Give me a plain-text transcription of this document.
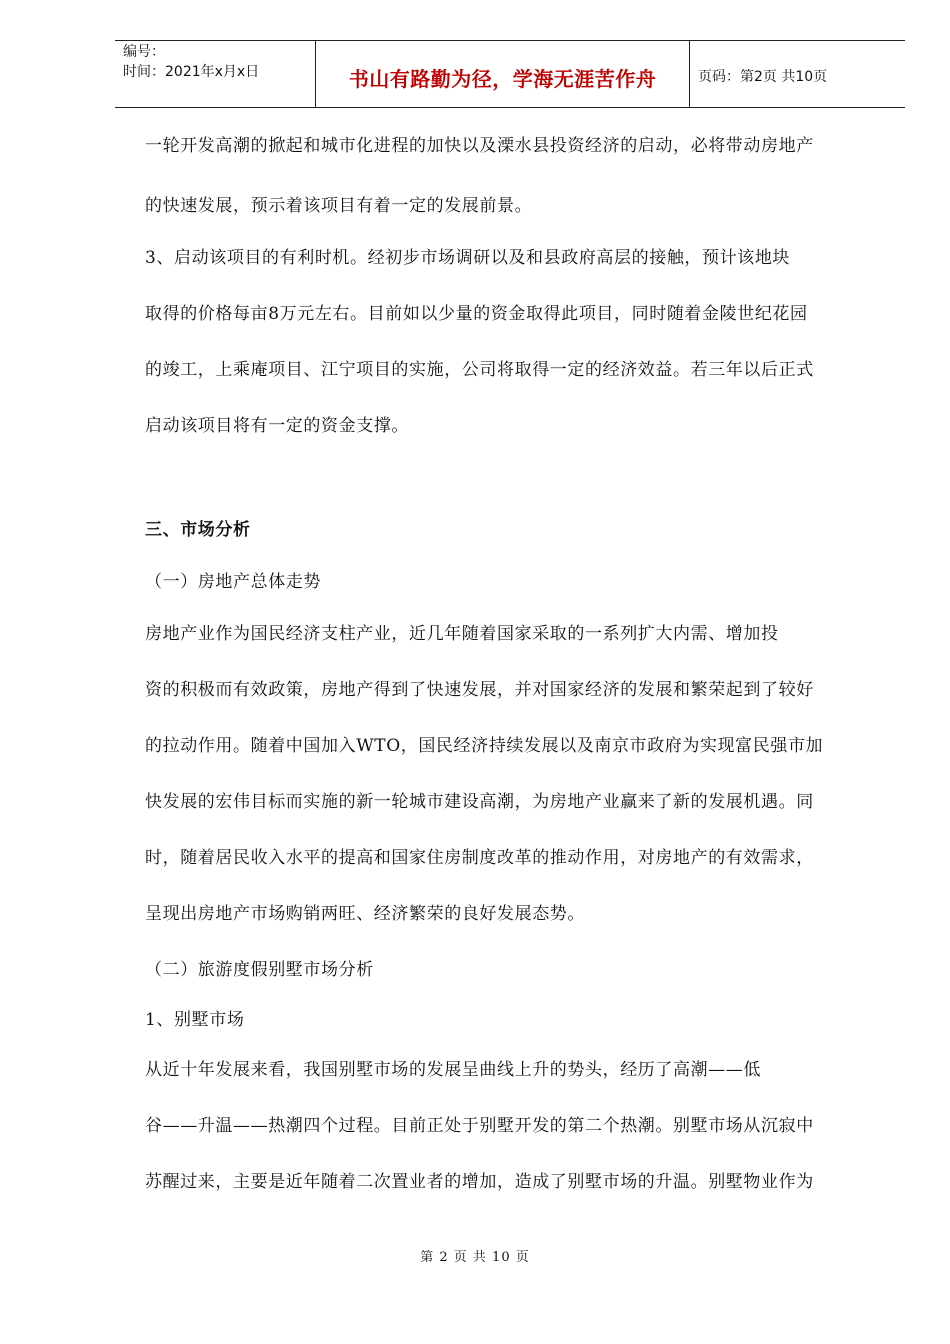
编号：
时间：2021年x月x日	书山有路勤为径，学海无涯苦作舟	页码：第2页 共10页
一轮开发高潮的掀起和城市化进程的加快以及溧水县投资经济的启动，必将带动房地产
的快速发展，预示着该项目有着一定的发展前景。
3、启动该项目的有利时机。经初步市场调研以及和县政府高层的接触，预计该地块
取得的价格每亩8万元左右。目前如以少量的资金取得此项目，同时随着金陵世纪花园
的竣工，上乘庵项目、江宁项目的实施，公司将取得一定的经济效益。若三年以后正式
启动该项目将有一定的资金支撑。
三、市场分析
（一）房地产总体走势
房地产业作为国民经济支柱产业，近几年随着国家采取的一系列扩大内需、增加投
资的积极而有效政策，房地产得到了快速发展，并对国家经济的发展和繁荣起到了较好
的拉动作用。随着中国加入WTO，国民经济持续发展以及南京市政府为实现富民强市加
快发展的宏伟目标而实施的新一轮城市建设高潮，为房地产业赢来了新的发展机遇。同
时，随着居民收入水平的提高和国家住房制度改革的推动作用，对房地产的有效需求，
呈现出房地产市场购销两旺、经济繁荣的良好发展态势。
（二）旅游度假别墅市场分析
1、别墅市场
从近十年发展来看，我国别墅市场的发展呈曲线上升的势头，经历了高潮——低
谷——升温——热潮四个过程。目前正处于别墅开发的第二个热潮。别墅市场从沉寂中
苏醒过来，主要是近年随着二次置业者的增加，造成了别墅市场的升温。别墅物业作为
第 2 页 共 10 页
